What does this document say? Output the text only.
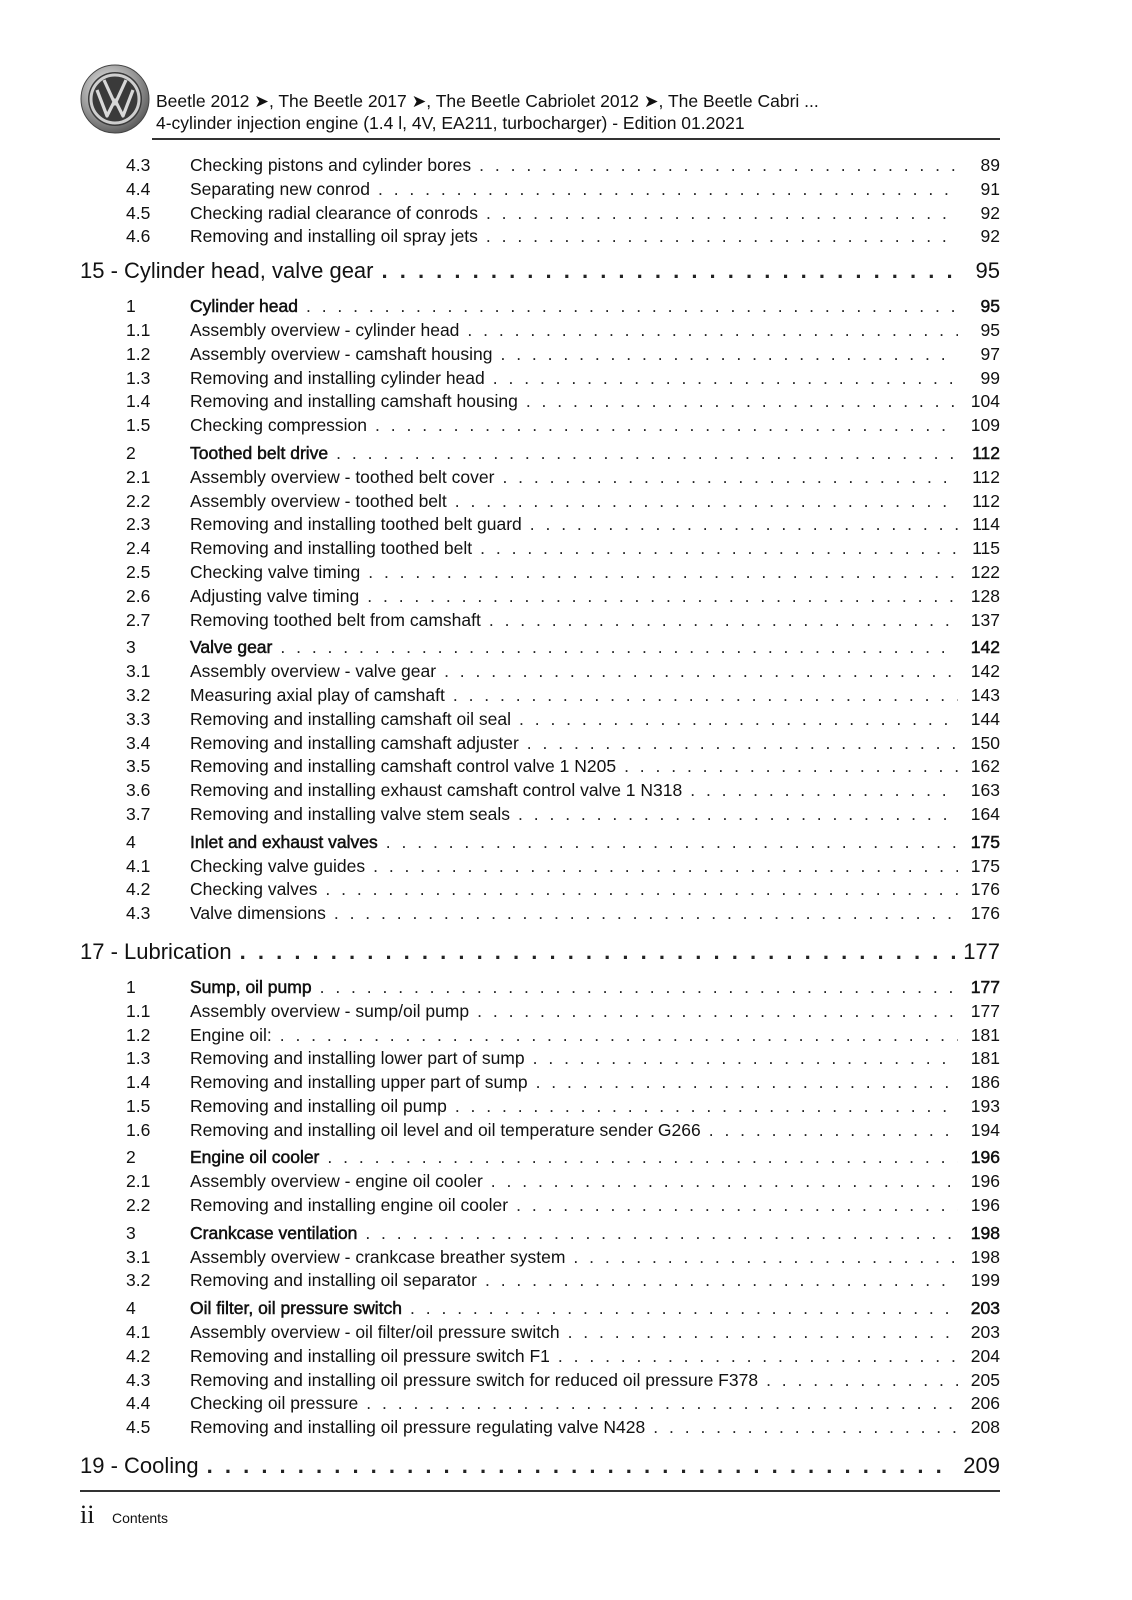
Beetle 2012 ➤, The Beetle 2017 ➤, The Beetle Cabriolet 2012 ➤, The Beetle Cabri ...
4-cylinder injection engine (1.4 l, 4V, EA211, turbocharger) - Edition 01.2021
4.3 Checking pistons and cylinder bores . . .	89
4.4 Separating new conrod . . .	91
4.5 Checking radial clearance of conrods . . .	92
4.6 Removing and installing oil spray jets . . .	92
15 - Cylinder head, valve gear . . .	95
1	Cylinder head . . .	95
1.1 Assembly overview - cylinder head . . .	95
1.2 Assembly overview - camshaft housing . . .	97
1.3 Removing and installing cylinder head . . .	99
1.4 Removing and installing camshaft housing . . .	104
1.5 Checking compression . . .	109
2	Toothed belt drive . . .	112
2.1 Assembly overview - toothed belt cover . . .	112
2.2 Assembly overview - toothed belt . . .	112
2.3 Removing and installing toothed belt guard . . .	114
2.4 Removing and installing toothed belt . . .	115
2.5 Checking valve timing . . .	122
2.6 Adjusting valve timing . . .	128
2.7 Removing toothed belt from camshaft . . .	137
3	Valve gear . . .	142
3.1 Assembly overview - valve gear . . .	142
3.2 Measuring axial play of camshaft . . .	143
3.3 Removing and installing camshaft oil seal . . .	144
3.4 Removing and installing camshaft adjuster . . .	150
3.5 Removing and installing camshaft control valve 1 N205 . . .	162
3.6 Removing and installing exhaust camshaft control valve 1 N318 . . .	163
3.7 Removing and installing valve stem seals . . .	164
4	Inlet and exhaust valves . . .	175
4.1 Checking valve guides . . .	175
4.2 Checking valves . . .	176
4.3 Valve dimensions . . .	176
17 - Lubrication . . .	177
1	Sump, oil pump . . .	177
1.1 Assembly overview - sump/oil pump . . .	177
1.2 Engine oil: . . .	181
1.3 Removing and installing lower part of sump . . .	181
1.4 Removing and installing upper part of sump . . .	186
1.5 Removing and installing oil pump . . .	193
1.6 Removing and installing oil level and oil temperature sender G266 . . .	194
2	Engine oil cooler . . .	196
2.1 Assembly overview - engine oil cooler . . .	196
2.2 Removing and installing engine oil cooler . . .	196
3	Crankcase ventilation . . .	198
3.1 Assembly overview - crankcase breather system . . .	198
3.2 Removing and installing oil separator . . .	199
4	Oil filter, oil pressure switch . . .	203
4.1 Assembly overview - oil filter/oil pressure switch . . .	203
4.2 Removing and installing oil pressure switch F1 . . .	204
4.3 Removing and installing oil pressure switch for reduced oil pressure F378 . . .	205
4.4 Checking oil pressure . . .	206
4.5 Removing and installing oil pressure regulating valve N428 . . .	208
19 - Cooling . . .	209
ii Contents
